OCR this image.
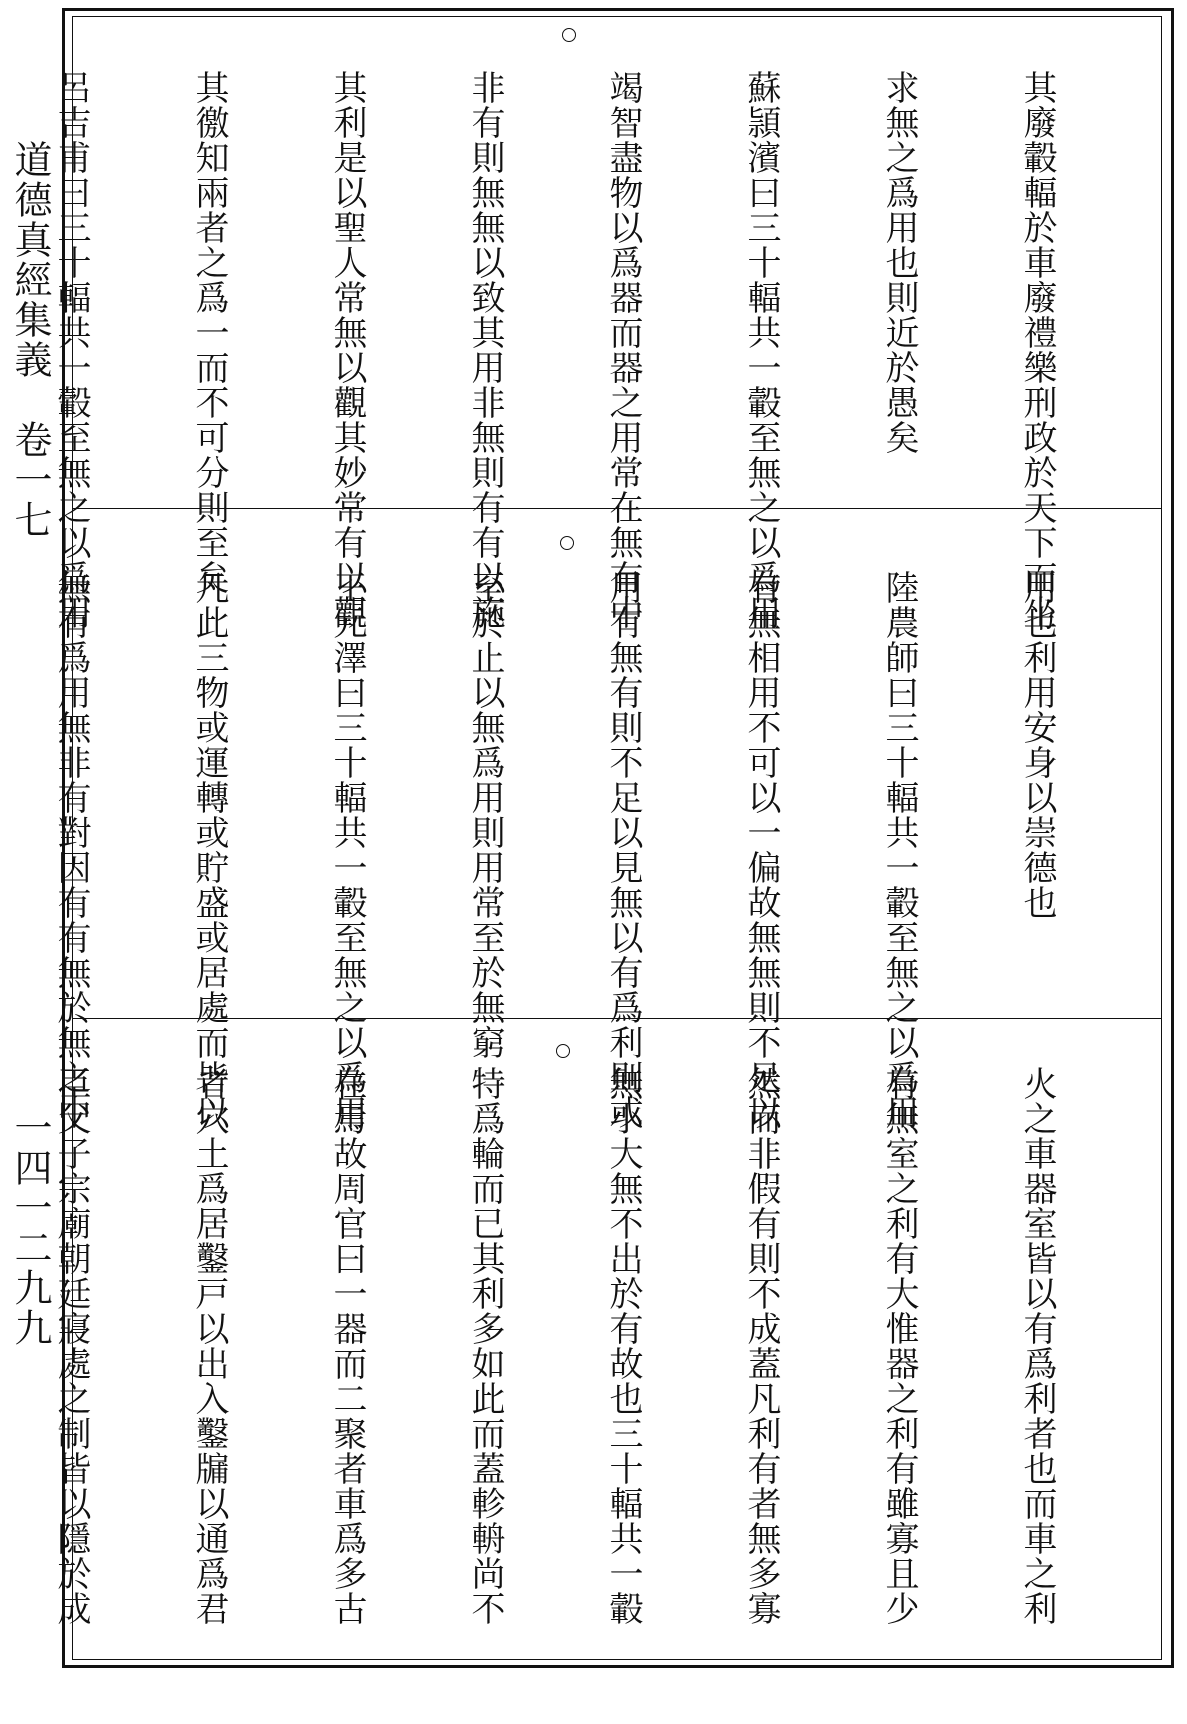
道德真經集義　卷一七
一四一二九九

其廢轂輻於車廢禮樂刑政於天下而坐

求無之爲用也則近於愚矣

蘇頴濱曰三十輻共一轂至無之以爲用

竭智盡物以爲器而器之用常在無有中

非有則無無以致其用非無則有有以施

其利是以聖人常無以觀其妙常有以觀

其徼知兩者之爲一而不可分則至矣

呂吉甫曰三十輻共一轂至無之以爲用

用也利用安身以崇德也

陸農師曰三十輻共一轂至無之以爲用

有無相用不可以一偏故無無則不足以

用有無有則不足以見無以有爲利則或

至於止以無爲用則用常至於無窮

王元澤曰三十輻共一轂至無之以爲用

凡此三物或運轉或貯盛或居處而皆以

無有爲用無非有對因有有無於無之中

火之車器室皆以有爲利者也而車之利

有無室之利有大惟器之利有雖寡且少

然而非假有則不成蓋凡利有者無多寡

無小大無不出於有故也三十輻共一轂

特爲輪而已其利多如此而蓋軫輈尚不

在焉故周官曰一器而二聚者車爲多古

者穴土爲居鑿戸以出入鑿牖以通爲君

臣父子宗廟朝廷寢處之制皆以隱於成
